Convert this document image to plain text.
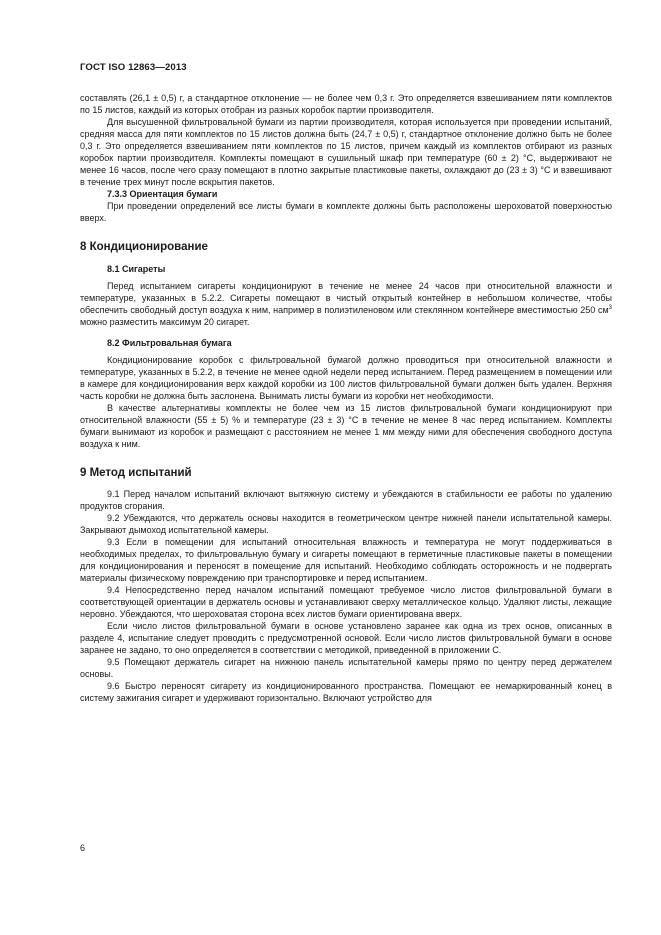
ГОСТ ISO 12863—2013

составлять (26,1 ± 0,5) г, а стандартное отклонение — не более чем 0,3 г. Это определяется взвешиванием пяти комплектов по 15 листов, каждый из которых отобран из разных коробок партии производителя.

Для высушенной фильтровальной бумаги из партии производителя, которая используется при проведении испытаний, средняя масса для пяти комплектов по 15 листов должна быть (24,7 ± 0,5) г, стандартное отклонение должно быть не более 0,3 г. Это определяется взвешиванием пяти комплектов по 15 листов, причем каждый из комплектов отбирают из разных коробок партии производителя. Комплекты помещают в сушильный шкаф при температуре (60 ± 2) °C, выдерживают не менее 16 часов, после чего сразу помещают в плотно закрытые пластиковые пакеты, охлаждают до (23 ± 3) °C и взвешивают в течение трех минут после вскрытия пакетов.

7.3.3 Ориентация бумаги

При проведении определений все листы бумаги в комплекте должны быть расположены шероховатой поверхностью вверх.

8 Кондиционирование

8.1 Сигареты

Перед испытанием сигареты кондиционируют в течение не менее 24 часов при относительной влажности и температуре, указанных в 5.2.2. Сигареты помещают в чистый открытый контейнер в небольшом количестве, чтобы обеспечить свободный доступ воздуха к ним, например в полиэтиленовом или стеклянном контейнере вместимостью 250 $см^3$ можно разместить максимум 20 сигарет.

8.2 Фильтровальная бумага

Кондиционирование коробок с фильтровальной бумагой должно проводиться при относительной влажности и температуре, указанных в 5.2.2, в течение не менее одной недели перед испытанием. Перед размещением в помещении или в камере для кондиционирования верх каждой коробки из 100 листов фильтровальной бумаги должен быть удален. Верхняя часть коробки не должна быть заслонена. Вынимать листы бумаги из коробки нет необходимости.

В качестве альтернативы комплекты не более чем из 15 листов фильтровальной бумаги кондиционируют при относительной влажности (55 ± 5) % и температуре (23 ± 3) °C в течение не менее 8 час перед испытанием. Комплекты бумаги вынимают из коробок и размещают с расстоянием не менее 1 мм между ними для обеспечения свободного доступа воздуха к ним.

9 Метод испытаний

9.1 Перед началом испытаний включают вытяжную систему и убеждаются в стабильности ее работы по удалению продуктов сгорания.

9.2 Убеждаются, что держатель основы находится в геометрическом центре нижней панели испытательной камеры. Закрывают дымоход испытательной камеры.

9.3 Если в помещении для испытаний относительная влажность и температура не могут поддерживаться в необходимых пределах, то фильтровальную бумагу и сигареты помещают в герметичные пластиковые пакеты в помещении для кондиционирования и переносят в помещение для испытаний. Необходимо соблюдать осторожность и не подвергать материалы физическому повреждению при транспортировке и перед испытанием.

9.4 Непосредственно перед началом испытаний помещают требуемое число листов фильтровальной бумаги в соответствующей ориентации в держатель основы и устанавливают сверху металлическое кольцо. Удаляют листы, лежащие неровно. Убеждаются, что шероховатая сторона всех листов бумаги ориентирована вверх.

Если число листов фильтровальной бумаги в основе установлено заранее как одна из трех основ, описанных в разделе 4, испытание следует проводить с предусмотренной основой. Если число листов фильтровальной бумаги в основе заранее не задано, то оно определяется в соответствии с методикой, приведенной в приложении С.

9.5 Помещают держатель сигарет на нижнюю панель испытательной камеры прямо по центру перед держателем основы.

9.6 Быстро переносят сигарету из кондиционированного пространства. Помещают ее немаркированный конец в систему зажигания сигарет и удерживают горизонтально. Включают устройство для

6
